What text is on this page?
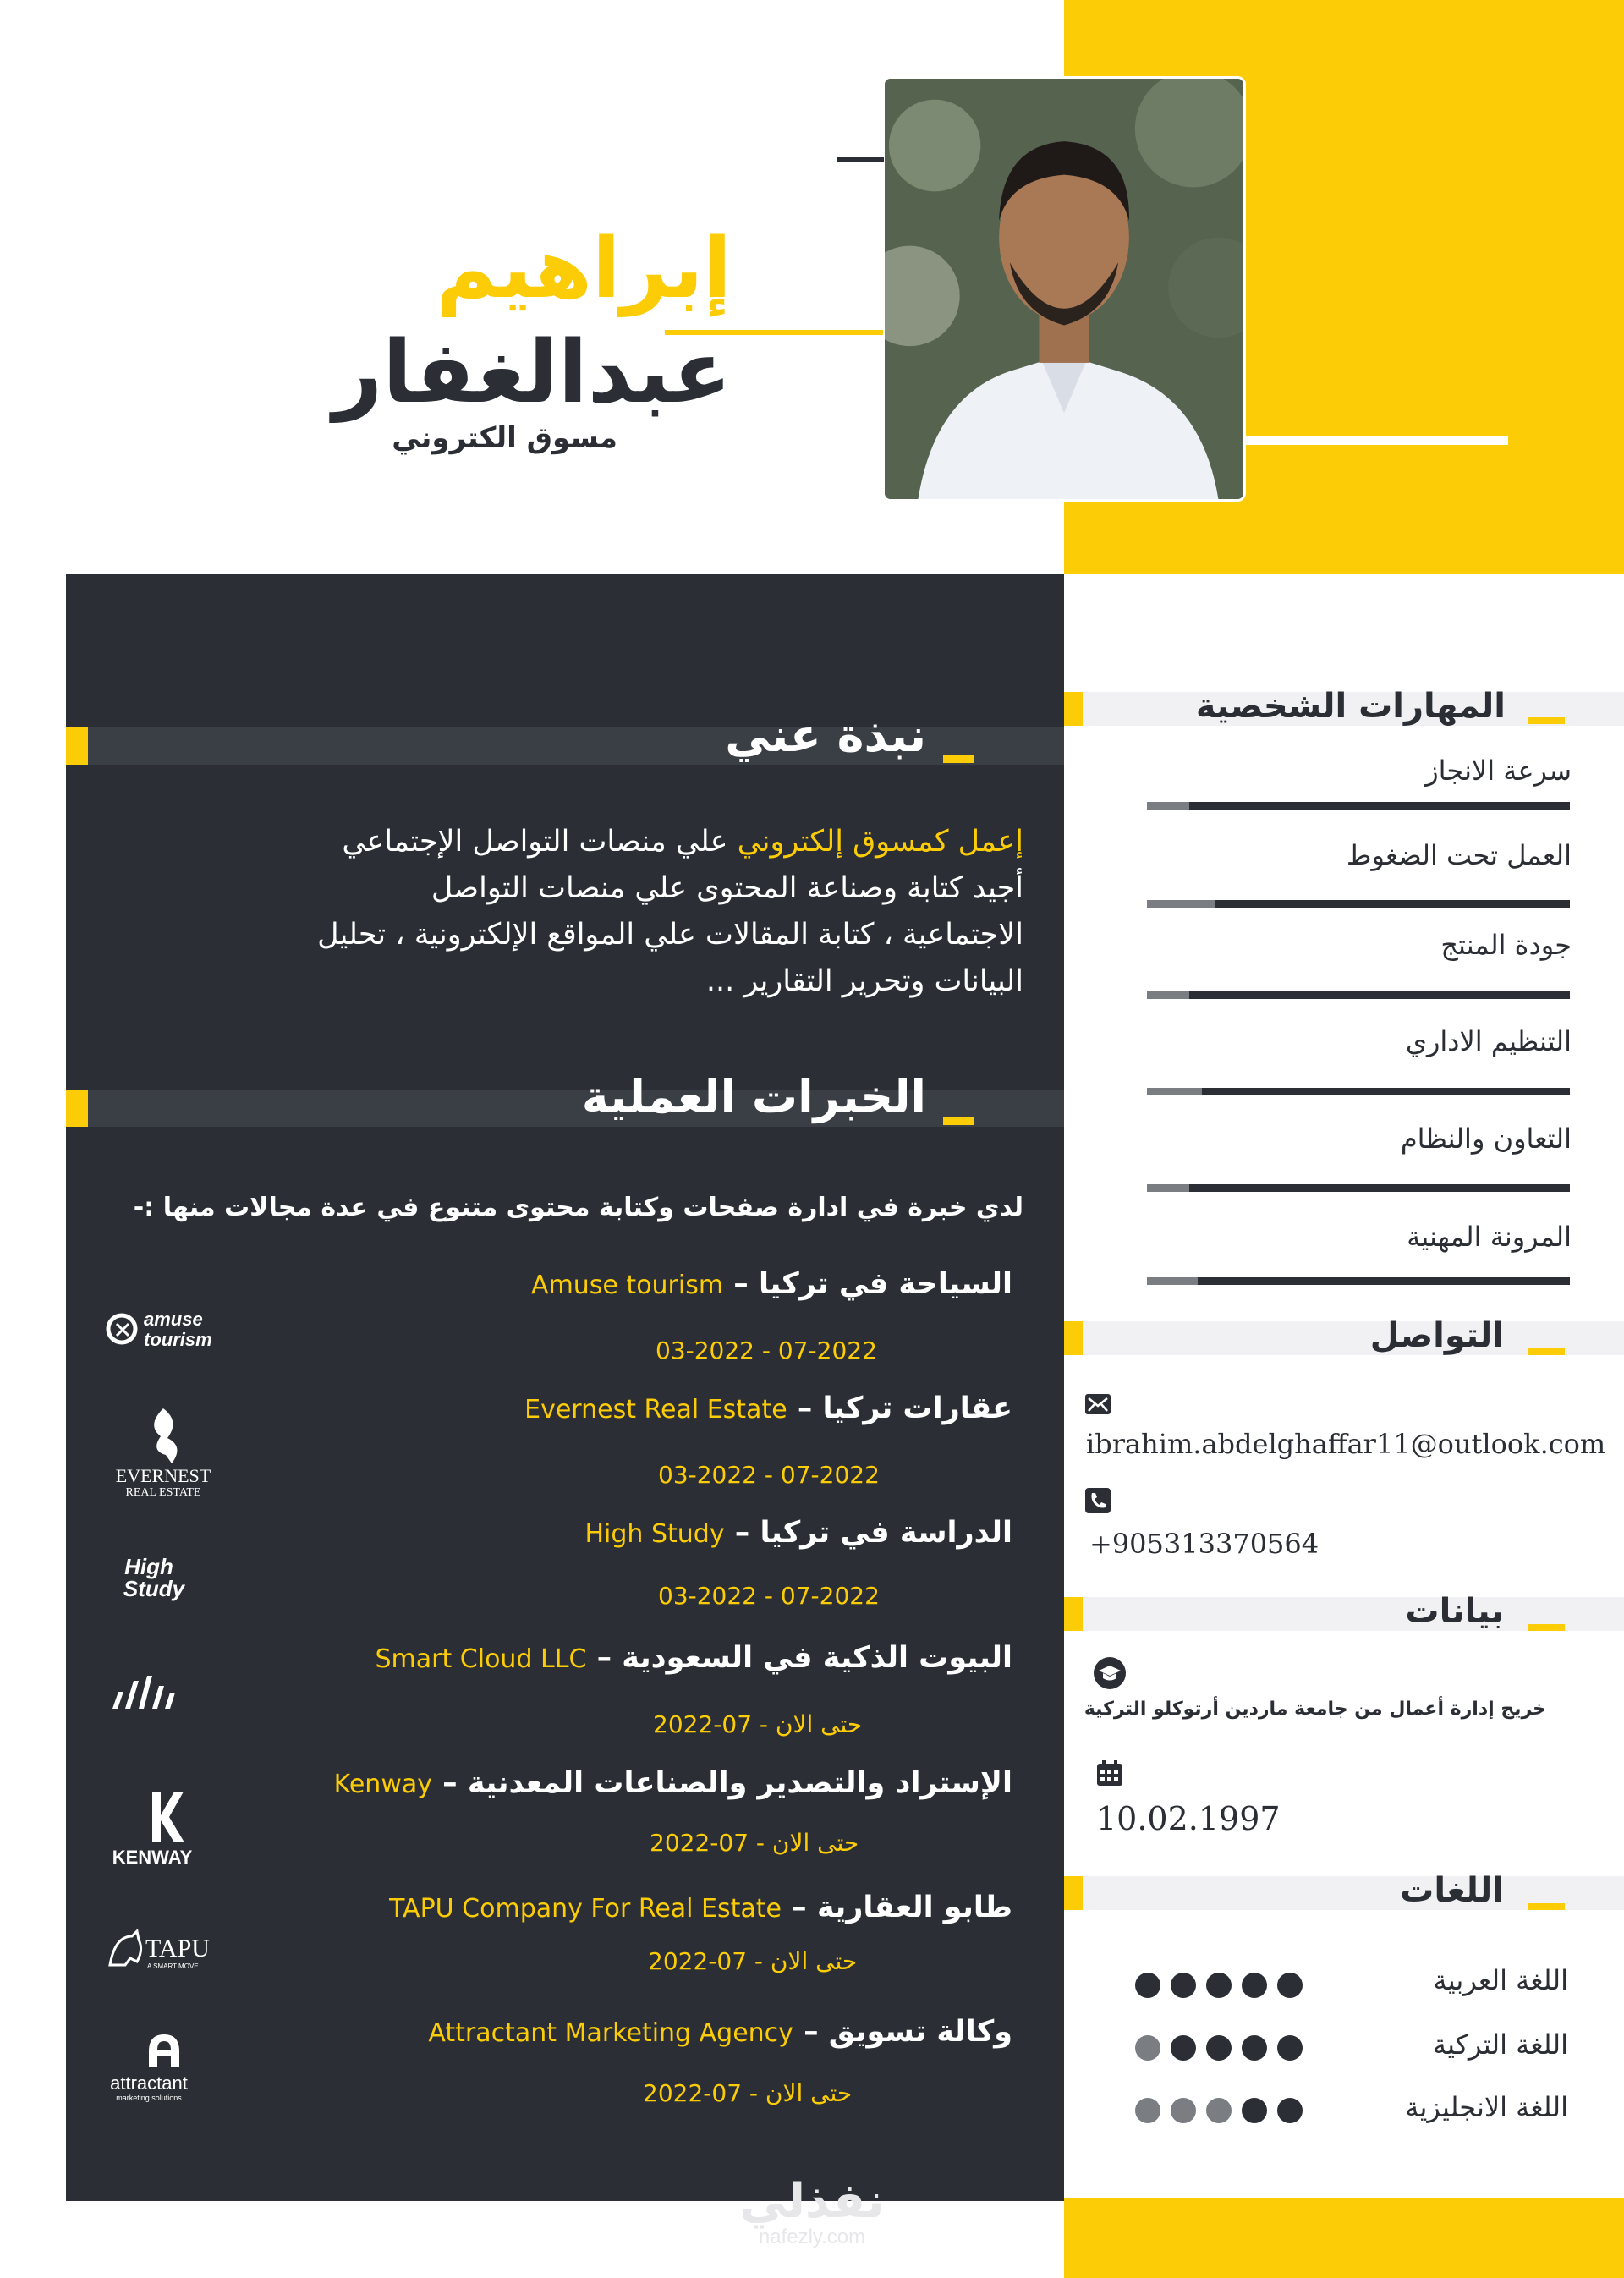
إبراهيم
عبدالغفار
مسوق الكتروني
نبذة عني
إعمل كمسوق إلكتروني علي منصات التواصل الإجتماعي
أجيد كتابة وصناعة المحتوى علي منصات التواصل
الاجتماعية ، كتابة المقالات علي المواقع الإلكترونية ، تحليل
البيانات وتحرير التقارير ...
الخبرات العملية
لدي خبرة في ادارة صفحات وكتابة محتوى متنوع في عدة مجالات منها :-
السياحة في تركيا – Amuse tourism
07-2022 - 03-2022
عقارات تركيا – Evernest Real Estate
07-2022 - 03-2022
الدراسة في تركيا – High Study
07-2022 - 03-2022
البيوت الذكية في السعودية – Smart Cloud LLC
حتى الان - 07-2022
الإستراد والتصدير والصناعات المعدنية – Kenway
حتى الان - 07-2022
طابو العقارية – TAPU Company For Real Estate
حتى الان - 07-2022
وكالة تسويق – Attractant Marketing Agency
حتى الان - 07-2022
amuse
tourism
EVERNEST
REAL ESTATE
High
Study
KENWAY
TAPU
A SMART MOVE
attractant
marketing solutions
المهارات الشخصية
سرعة الانجاز
العمل تحت الضغوط
جودة المنتج
التنظيم الاداري
التعاون والنظام
المرونة المهنية
التواصل
ibrahim.abdelghaffar11@outlook.com
+905313370564
بيانات
خريج إدارة أعمال من جامعة ماردين أرتوكلو التركية
10.02.1997
اللغات
اللغة العربية
اللغة التركية
اللغة الانجليزية
نفذلي
nafezly.com
